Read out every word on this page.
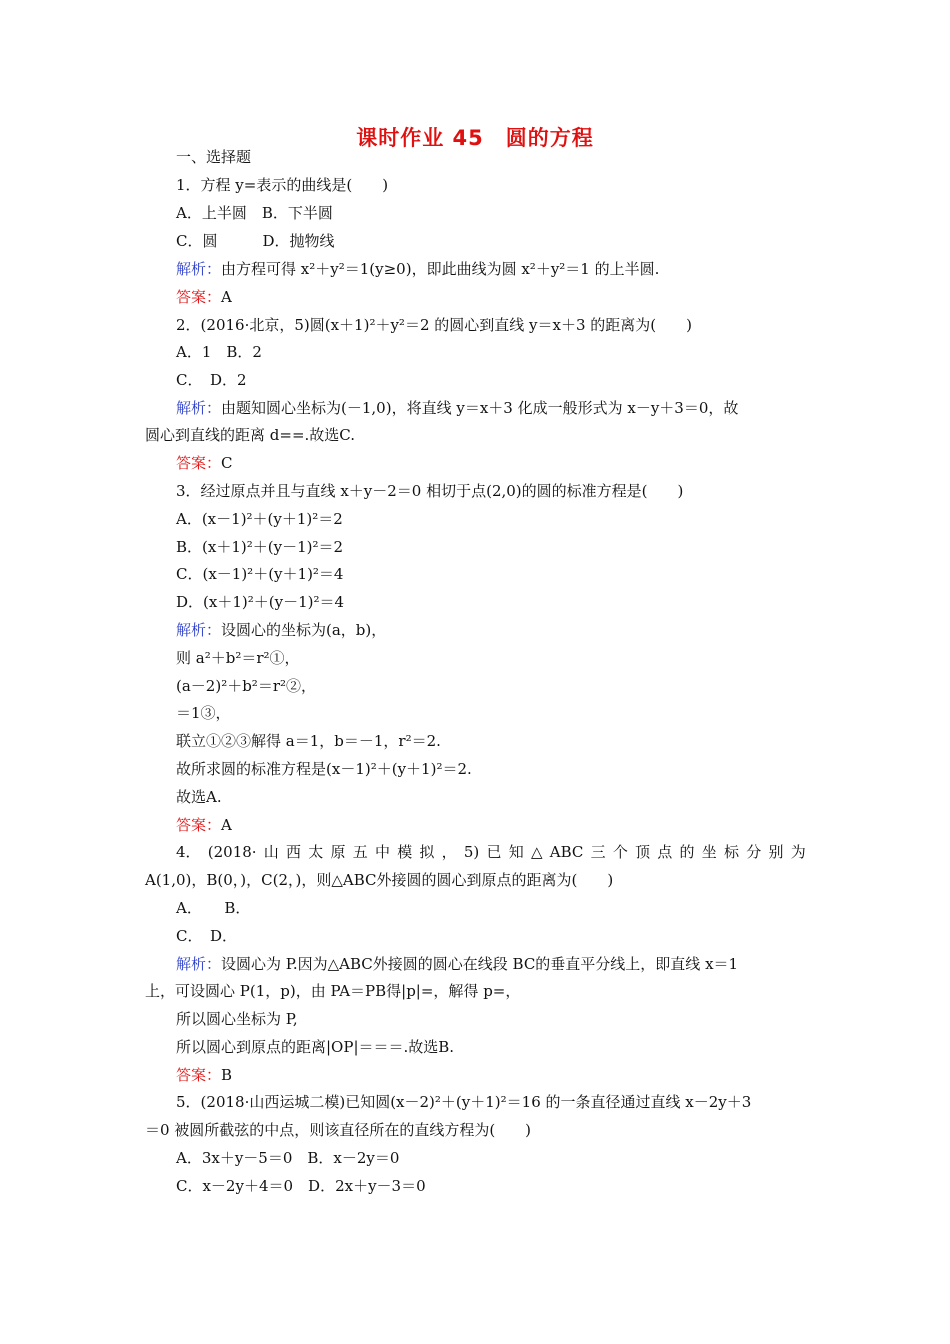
课时作业 45　圆的方程
一、选择题
1．方程 y=表示的曲线是(　　)
A．上半圆　B．下半圆
C．圆　　　D．抛物线
解析：由方程可得 x²＋y²＝1(y≥0)，即此曲线为圆 x²＋y²＝1 的上半圆.
答案：A
2．(2016·北京，5)圆(x＋1)²＋y²＝2 的圆心到直线 y＝x＋3 的距离为(　　)
A．1　B．2
C．　D．2
解析：由题知圆心坐标为(－1,0)，将直线 y＝x＋3 化成一般形式为 x－y＋3＝0，故
圆心到直线的距离 d==.故选C.
答案：C
3．经过原点并且与直线 x＋y－2＝0 相切于点(2,0)的圆的标准方程是(　　)
A．(x－1)²＋(y＋1)²＝2
B．(x＋1)²＋(y－1)²＝2
C．(x－1)²＋(y＋1)²＝4
D．(x＋1)²＋(y－1)²＝4
解析：设圆心的坐标为(a，b)，
则 a²＋b²＝r²①，
(a－2)²＋b²＝r²②，
＝1③，
联立①②③解得 a＝1，b＝－1，r²＝2.
故所求圆的标准方程是(x－1)²＋(y＋1)²＝2.
故选A.
答案：A
4． (2018· 山 西 太 原 五 中 模 拟 ， 5) 已 知 △ ABC 三 个 顶 点 的 坐 标 分 别 为
A(1,0)，B(0，)，C(2，)，则△ABC外接圆的圆心到原点的距离为(　　)
A．　　B．
C．　D．
解析：设圆心为 P.因为△ABC外接圆的圆心在线段 BC的垂直平分线上，即直线 x＝1
上，可设圆心 P(1，p)，由 PA＝PB得|p|=，解得 p=，
所以圆心坐标为 P,
所以圆心到原点的距离|OP|＝＝＝.故选B.
答案：B
5．(2018·山西运城二模)已知圆(x－2)²＋(y＋1)²＝16 的一条直径通过直线 x－2y＋3
＝0 被圆所截弦的中点，则该直径所在的直线方程为(　　)
A．3x＋y－5＝0　B．x－2y＝0
C．x－2y＋4＝0　D．2x＋y－3＝0
